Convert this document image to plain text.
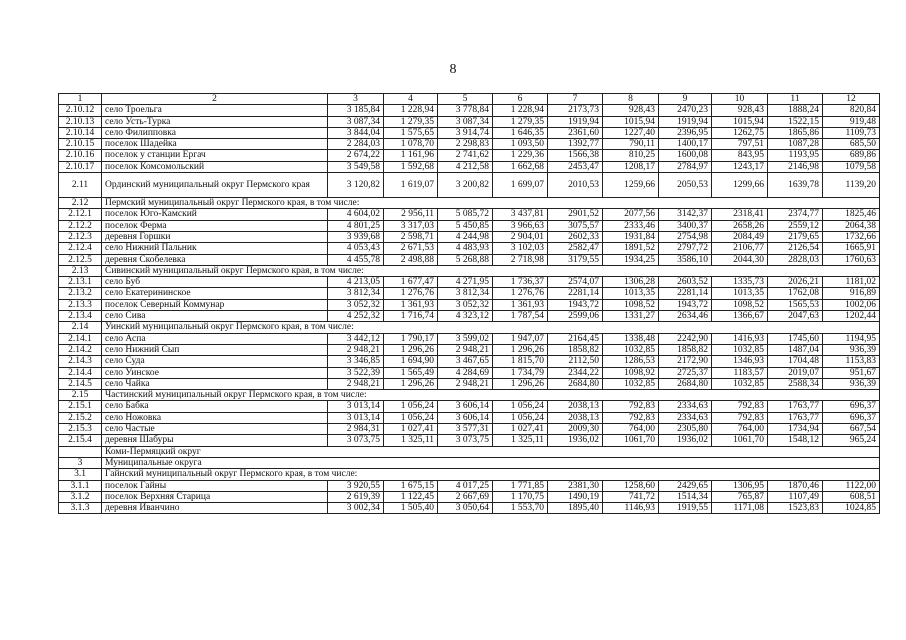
8
1	2	3	4	5	6	7	8	9	10	11	12
2.10.12	село Троельга	3 185,84	1 228,94	3 778,84	1 228,94	2173,73	928,43	2470,23	928,43	1888,24	820,84
2.10.13	село Усть-Турка	3 087,34	1 279,35	3 087,34	1 279,35	1919,94	1015,94	1919,94	1015,94	1522,15	919,48
2.10.14	село Филипповка	3 844,04	1 575,65	3 914,74	1 646,35	2361,60	1227,40	2396,95	1262,75	1865,86	1109,73
2.10.15	поселок Шадейка	2 284,03	1 078,70	2 298,83	1 093,50	1392,77	790,11	1400,17	797,51	1087,28	685,50
2.10.16	поселок у станции Ергач	2 674,22	1 161,96	2 741,62	1 229,36	1566,38	810,25	1600,08	843,95	1193,95	689,86
2.10.17	поселок Комсомольский	3 549,58	1 592,68	4 212,58	1 662,68	2453,47	1208,17	2784,97	1243,17	2146,98	1079,58
2.11	Ординский муниципальный округ Пермского края	3 120,82	1 619,07	3 200,82	1 699,07	2010,53	1259,66	2050,53	1299,66	1639,78	1139,20
2.12	Пермский муниципальный округ Пермского края, в том числе:										
2.12.1	поселок Юго-Камский	4 604,02	2 956,11	5 085,72	3 437,81	2901,52	2077,56	3142,37	2318,41	2374,77	1825,46
2.12.2	поселок Ферма	4 801,25	3 317,03	5 450,85	3 966,63	3075,57	2333,46	3400,37	2658,26	2559,12	2064,38
2.12.3	деревня Горшки	3 939,68	2 598,71	4 244,98	2 904,01	2602,33	1931,84	2754,98	2084,49	2179,65	1732,66
2.12.4	село Нижний Пальник	4 053,43	2 671,53	4 483,93	3 102,03	2582,47	1891,52	2797,72	2106,77	2126,54	1665,91
2.12.5	деревня Скобелевка	4 455,78	2 498,88	5 268,88	2 718,98	3179,55	1934,25	3586,10	2044,30	2828,03	1760,63
2.13	Сивинский муниципальный округ Пермского края, в том числе:										
2.13.1	село Буб	4 213,05	1 677,47	4 271,95	1 736,37	2574,07	1306,28	2603,52	1335,73	2026,21	1181,02
2.13.2	село Екатерининское	3 812,34	1 276,76	3 812,34	1 276,76	2281,14	1013,35	2281,14	1013,35	1762,08	916,89
2.13.3	поселок Северный Коммунар	3 052,32	1 361,93	3 052,32	1 361,93	1943,72	1098,52	1943,72	1098,52	1565,53	1002,06
2.13.4	село Сива	4 252,32	1 716,74	4 323,12	1 787,54	2599,06	1331,27	2634,46	1366,67	2047,63	1202,44
2.14	Уинский муниципальный округ Пермского края, в том числе:										
2.14.1	село Аспа	3 442,12	1 790,17	3 599,02	1 947,07	2164,45	1338,48	2242,90	1416,93	1745,60	1194,95
2.14.2	село Нижний Сып	2 948,21	1 296,26	2 948,21	1 296,26	1858,82	1032,85	1858,82	1032,85	1487,04	936,39
2.14.3	село Суда	3 346,85	1 694,90	3 467,65	1 815,70	2112,50	1286,53	2172,90	1346,93	1704,48	1153,83
2.14.4	село Уинское	3 522,39	1 565,49	4 284,69	1 734,79	2344,22	1098,92	2725,37	1183,57	2019,07	951,67
2.14.5	село Чайка	2 948,21	1 296,26	2 948,21	1 296,26	2684,80	1032,85	2684,80	1032,85	2588,34	936,39
2.15	Частинский муниципальный округ Пермского края, в том числе:										
2.15.1	село Бабка	3 013,14	1 056,24	3 606,14	1 056,24	2038,13	792,83	2334,63	792,83	1763,77	696,37
2.15.2	село Ножовка	3 013,14	1 056,24	3 606,14	1 056,24	2038,13	792,83	2334,63	792,83	1763,77	696,37
2.15.3	село Частые	2 984,31	1 027,41	3 577,31	1 027,41	2009,30	764,00	2305,80	764,00	1734,94	667,54
2.15.4	деревня Шабуры	3 073,75	1 325,11	3 073,75	1 325,11	1936,02	1061,70	1936,02	1061,70	1548,12	965,24
	Коми-Пермяцкий округ										
3	Муниципальные округа										
3.1	Гайнский муниципальный округ Пермского края, в том числе:										
3.1.1	поселок Гайны	3 920,55	1 675,15	4 017,25	1 771,85	2381,30	1258,60	2429,65	1306,95	1870,46	1122,00
3.1.2	поселок Верхняя Старица	2 619,39	1 122,45	2 667,69	1 170,75	1490,19	741,72	1514,34	765,87	1107,49	608,51
3.1.3	деревня Иванчино	3 002,34	1 505,40	3 050,64	1 553,70	1895,40	1146,93	1919,55	1171,08	1523,83	1024,85
